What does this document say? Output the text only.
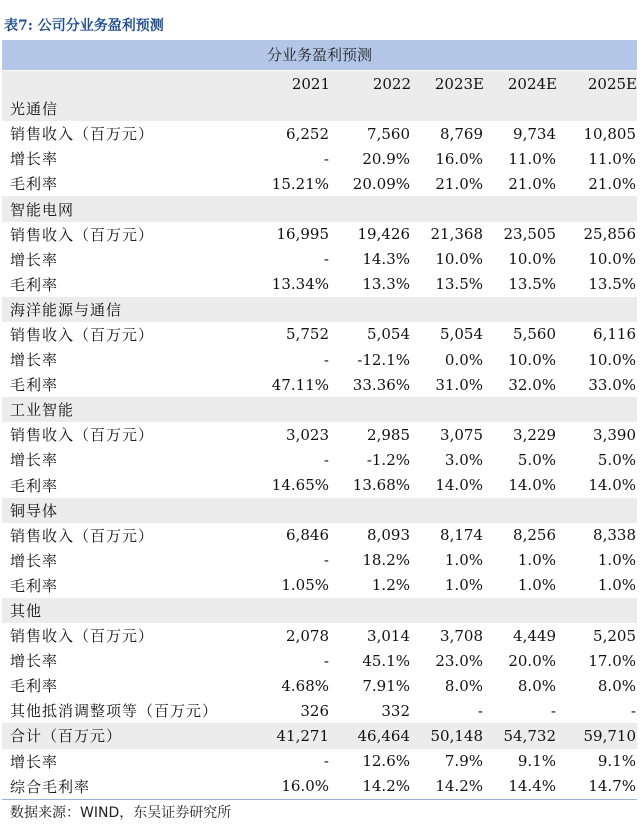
表7: 公司分业务盈利预测
分业务盈利预测
	2021	2022	2023E	2024E	2025E
光通信					
销售收入（百万元）	6,252	7,560	8,769	9,734	10,805
增长率	-	20.9%	16.0%	11.0%	11.0%
毛利率	15.21%	20.09%	21.0%	21.0%	21.0%
智能电网					
销售收入（百万元）	16,995	19,426	21,368	23,505	25,856
增长率	-	14.3%	10.0%	10.0%	10.0%
毛利率	13.34%	13.3%	13.5%	13.5%	13.5%
海洋能源与通信					
销售收入（百万元）	5,752	5,054	5,054	5,560	6,116
增长率	-	-12.1%	0.0%	10.0%	10.0%
毛利率	47.11%	33.36%	31.0%	32.0%	33.0%
工业智能					
销售收入（百万元）	3,023	2,985	3,075	3,229	3,390
增长率	-	-1.2%	3.0%	5.0%	5.0%
毛利率	14.65%	13.68%	14.0%	14.0%	14.0%
铜导体					
销售收入（百万元）	6,846	8,093	8,174	8,256	8,338
增长率	-	18.2%	1.0%	1.0%	1.0%
毛利率	1.05%	1.2%	1.0%	1.0%	1.0%
其他					
销售收入（百万元）	2,078	3,014	3,708	4,449	5,205
增长率	-	45.1%	23.0%	20.0%	17.0%
毛利率	4.68%	7.91%	8.0%	8.0%	8.0%
其他抵消调整项等（百万元）	326	332	-	-	-
合计（百万元）	41,271	46,464	50,148	54,732	59,710
增长率	-	12.6%	7.9%	9.1%	9.1%
综合毛利率	16.0%	14.2%	14.2%	14.4%	14.7%
数据来源：WIND，东吴证券研究所
